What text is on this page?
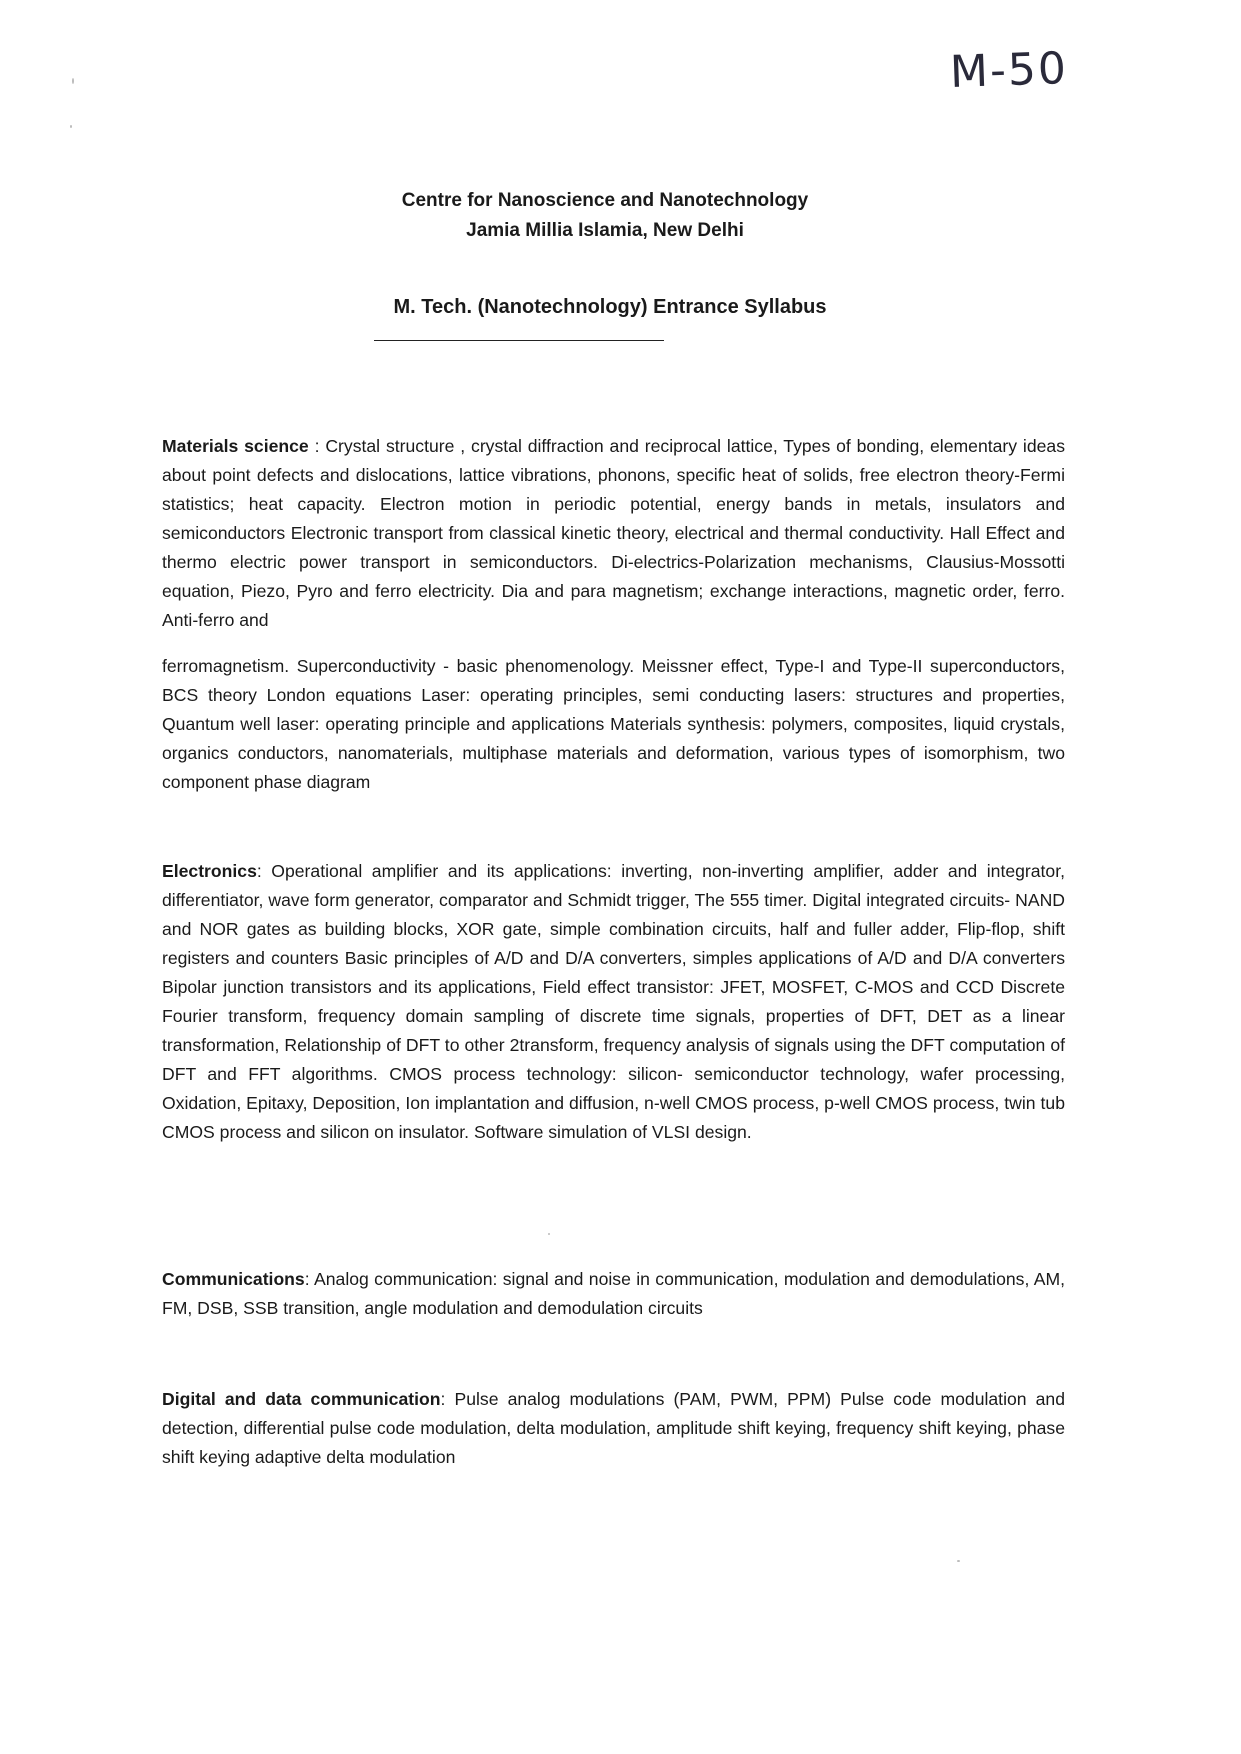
M-50
Centre for Nanoscience and Nanotechnology
Jamia Millia Islamia, New Delhi
M. Tech. (Nanotechnology) Entrance Syllabus
Materials science : Crystal structure , crystal diffraction and reciprocal lattice, Types of bonding, elementary ideas about point defects and dislocations, lattice vibrations, phonons, specific heat of solids, free electron theory-Fermi statistics; heat capacity. Electron motion in periodic potential, energy bands in metals, insulators and semiconductors Electronic transport from classical kinetic theory, electrical and thermal conductivity. Hall Effect and thermo electric power transport in semiconductors. Di-electrics-Polarization mechanisms, Clausius-Mossotti equation, Piezo, Pyro and ferro electricity. Dia and para magnetism; exchange interactions, magnetic order, ferro. Anti-ferro and
ferromagnetism. Superconductivity - basic phenomenology. Meissner effect, Type-I and Type-II superconductors, BCS theory London equations Laser: operating principles, semi conducting lasers: structures and properties, Quantum well laser: operating principle and applications Materials synthesis: polymers, composites, liquid crystals, organics conductors, nanomaterials, multiphase materials and deformation, various types of isomorphism, two component phase diagram
Electronics: Operational amplifier and its applications: inverting, non-inverting amplifier, adder and integrator, differentiator, wave form generator, comparator and Schmidt trigger, The 555 timer. Digital integrated circuits- NAND and NOR gates as building blocks, XOR gate, simple combination circuits, half and fuller adder, Flip-flop, shift registers and counters Basic principles of A/D and D/A converters, simples applications of A/D and D/A converters Bipolar junction transistors and its applications, Field effect transistor: JFET, MOSFET, C-MOS and CCD Discrete Fourier transform, frequency domain sampling of discrete time signals, properties of DFT, DET as a linear transformation, Relationship of DFT to other 2transform, frequency analysis of signals using the DFT computation of DFT and FFT algorithms. CMOS process technology: silicon- semiconductor technology, wafer processing, Oxidation, Epitaxy, Deposition, Ion implantation and diffusion, n-well CMOS process, p-well CMOS process, twin tub CMOS process and silicon on insulator. Software simulation of VLSI design.
Communications: Analog communication: signal and noise in communication, modulation and demodulations, AM, FM, DSB, SSB transition, angle modulation and demodulation circuits
Digital and data communication: Pulse analog modulations (PAM, PWM, PPM) Pulse code modulation and detection, differential pulse code modulation, delta modulation, amplitude shift keying, frequency shift keying, phase shift keying adaptive delta modulation
